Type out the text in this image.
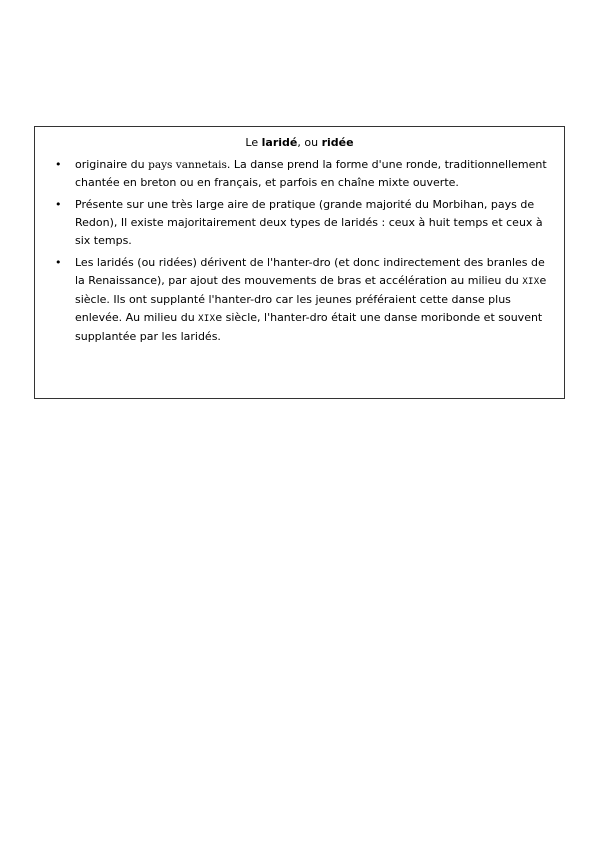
Le laridé, ou ridée
• originaire du pays vannetais. La danse prend la forme d'une ronde, traditionnellement chantée en breton ou en français, et parfois en chaîne mixte ouverte.
• Présente sur une très large aire de pratique (grande majorité du Morbihan, pays de Redon), Il existe majoritairement deux types de laridés : ceux à huit temps et ceux à six temps.
• Les laridés (ou ridées) dérivent de l'hanter-dro (et donc indirectement des branles de la Renaissance), par ajout des mouvements de bras et accélération au milieu du XIXe siècle. Ils ont supplanté l'hanter-dro car les jeunes préféraient cette danse plus enlevée. Au milieu du XIXe siècle, l'hanter-dro était une danse moribonde et souvent supplantée par les laridés.
